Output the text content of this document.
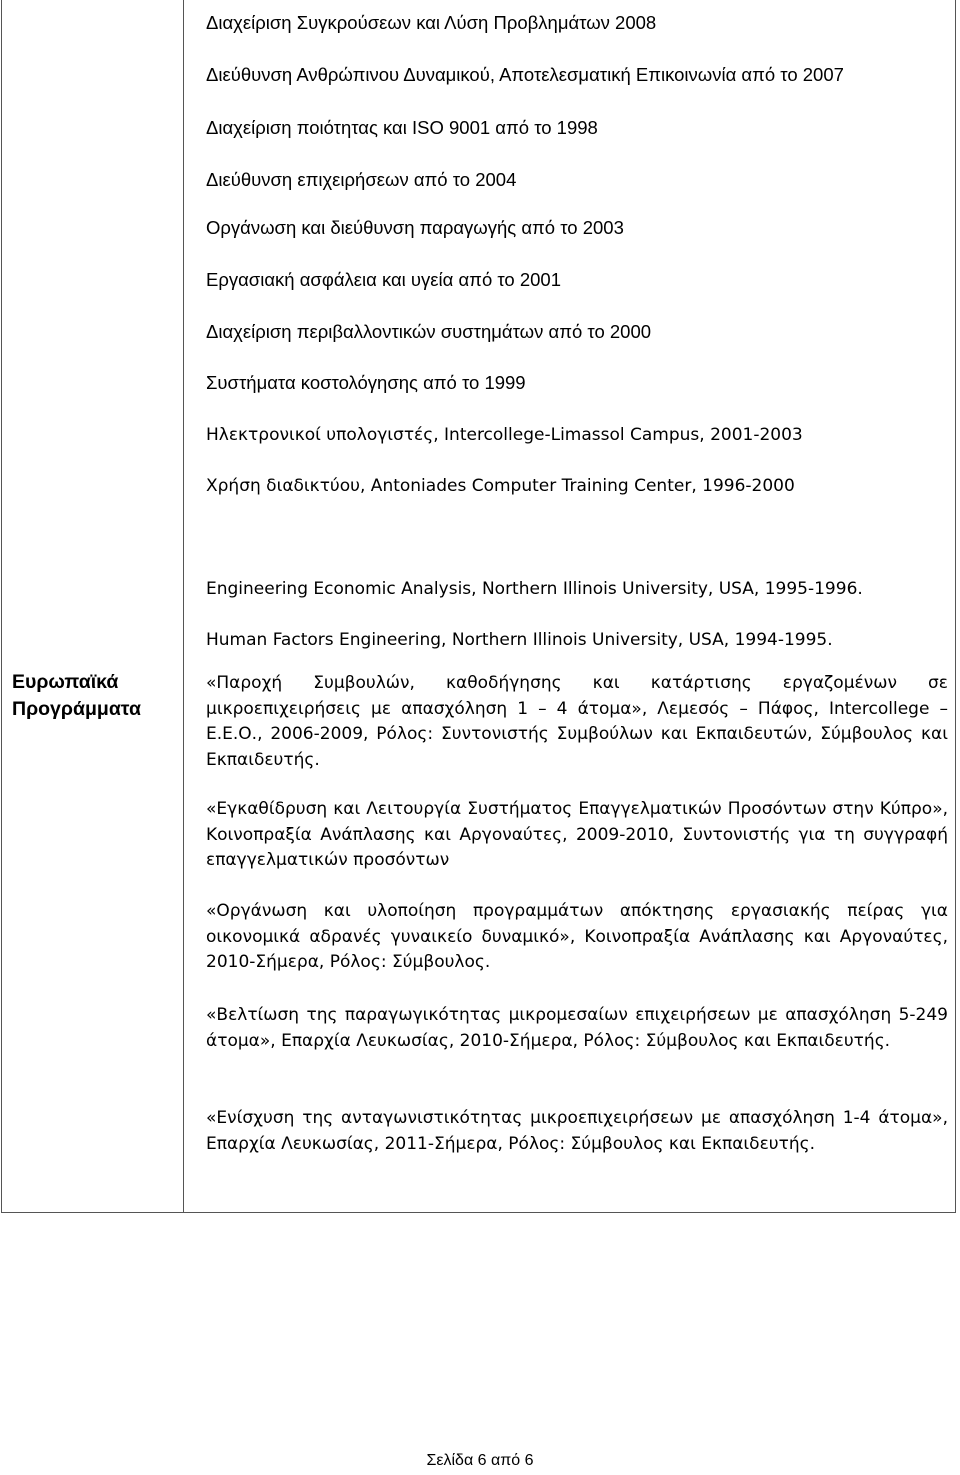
Διαχείριση Συγκρούσεων και Λύση Προβλημάτων 2008
Διεύθυνση Ανθρώπινου Δυναμικού, Αποτελεσματική Επικοινωνία από το 2007
Διαχείριση ποιότητας και ISO 9001 από το 1998
Διεύθυνση επιχειρήσεων από το 2004
Οργάνωση και διεύθυνση παραγωγής από το 2003
Εργασιακή ασφάλεια και υγεία από το 2001
Διαχείριση περιβαλλοντικών συστημάτων από το 2000
Συστήματα κοστολόγησης από το 1999
Ηλεκτρονικοί υπολογιστές, Intercollege-Limassol Campus, 2001-2003
Χρήση διαδικτύου, Antoniades Computer Training Center, 1996-2000
Engineering Economic Analysis, Northern Illinois University, USA, 1995-1996.
Human Factors Engineering, Northern Illinois University, USA, 1994-1995.
Ευρωπαϊκά Προγράμματα
«Παροχή Συμβουλών, καθοδήγησης και κατάρτισης εργαζομένων σε μικροεπιχειρήσεις με απασχόληση 1 – 4 άτομα», Λεμεσός – Πάφος, Intercollege – Ε.Ε.Ο., 2006-2009, Ρόλος: Συντονιστής Συμβούλων και Εκπαιδευτών, Σύμβουλος και Εκπαιδευτής.
«Εγκαθίδρυση και Λειτουργία Συστήματος Επαγγελματικών Προσόντων στην Κύπρο», Κοινοπραξία Ανάπλασης και Αργοναύτες, 2009-2010, Συντονιστής για τη συγγραφή επαγγελματικών προσόντων
«Οργάνωση και υλοποίηση προγραμμάτων απόκτησης εργασιακής πείρας για οικονομικά αδρανές γυναικείο δυναμικό», Κοινοπραξία Ανάπλασης και Αργοναύτες, 2010-Σήμερα, Ρόλος: Σύμβουλος.
«Βελτίωση της παραγωγικότητας μικρομεσαίων επιχειρήσεων με απασχόληση 5-249 άτομα», Επαρχία Λευκωσίας, 2010-Σήμερα, Ρόλος: Σύμβουλος και Εκπαιδευτής.
«Ενίσχυση της ανταγωνιστικότητας μικροεπιχειρήσεων με απασχόληση 1-4 άτομα», Επαρχία Λευκωσίας, 2011-Σήμερα, Ρόλος: Σύμβουλος και Εκπαιδευτής.
Σελίδα 6 από 6
